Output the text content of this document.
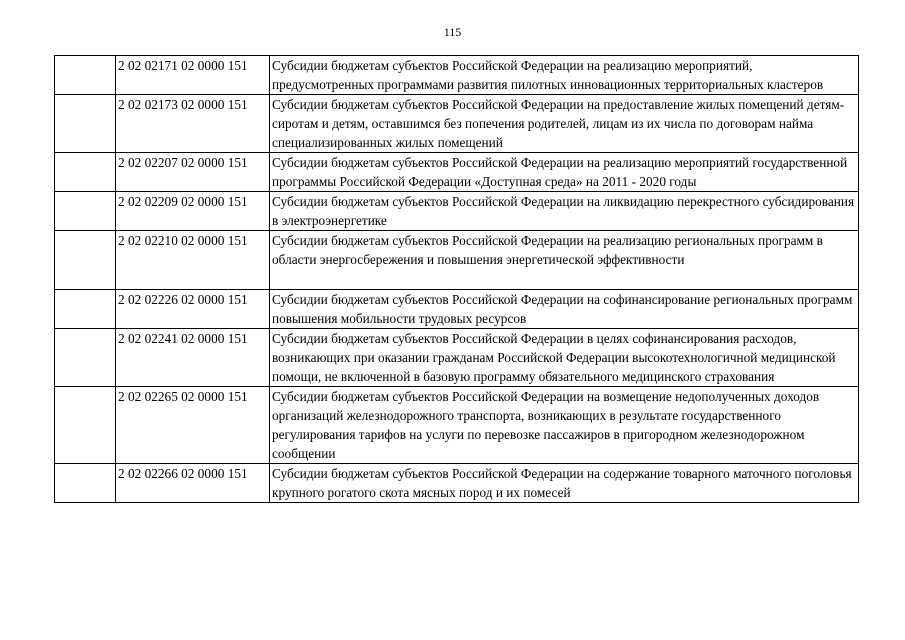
115
	2 02 02171 02 0000 151	Субсидии бюджетам субъектов Российской Федерации на реализацию мероприятий, предусмотренных программами развития пилотных инновационных территориальных кластеров
	2 02 02173 02 0000 151	Субсидии бюджетам субъектов Российской Федерации на предоставление жилых помещений детям-сиротам и детям, оставшимся без попечения родителей, лицам из их числа по договорам найма специализированных жилых помещений
	2 02 02207 02 0000 151	Субсидии бюджетам субъектов Российской Федерации на реализацию мероприятий государственной программы Российской Федерации «Доступная среда» на 2011 - 2020 годы
	2 02 02209 02 0000 151	Субсидии бюджетам субъектов Российской Федерации на ликвидацию перекрестного субсидирования в электроэнергетике
	2 02 02210 02 0000 151	Субсидии бюджетам субъектов Российской Федерации на реализацию региональных программ в области энергосбережения и повышения энергетической эффективности
	2 02 02226 02 0000 151	Субсидии бюджетам субъектов Российской Федерации на софинансирование региональных программ повышения мобильности трудовых ресурсов
	2 02 02241 02 0000 151	Субсидии бюджетам субъектов Российской Федерации в целях софинансирования расходов, возникающих при оказании гражданам Российской Федерации высокотехнологичной медицинской помощи, не включенной в базовую программу обязательного медицинского страхования
	2 02 02265 02 0000 151	Субсидии бюджетам субъектов Российской Федерации на возмещение недополученных доходов организаций железнодорожного транспорта, возникающих в результате государственного регулирования тарифов на услуги по перевозке пассажиров в пригородном железнодорожном сообщении
	2 02 02266 02 0000 151	Субсидии бюджетам субъектов Российской Федерации на содержание товарного маточного поголовья крупного рогатого скота мясных пород и их помесей
